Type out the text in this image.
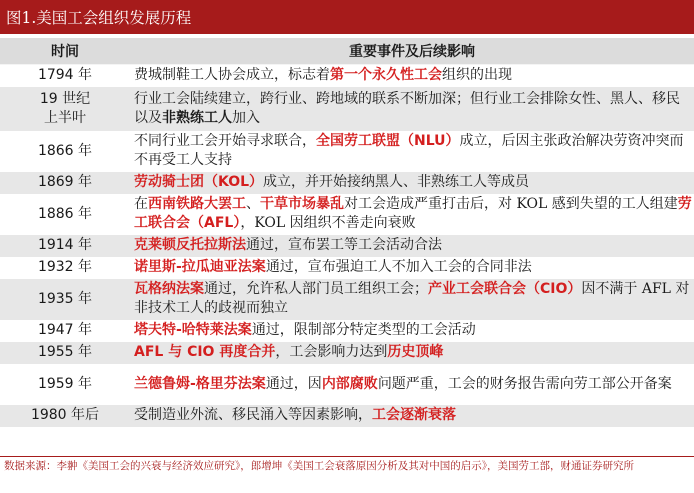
图1.美国工会组织发展历程
时间	重要事件及后续影响
1794 年	费城制鞋工人协会成立，标志着第一个永久性工会组织的出现
19 世纪
上半叶	行业工会陆续建立，跨行业、跨地域的联系不断加深；但行业工会排除女性、黑人、移民以及非熟练工人加入
1866 年	不同行业工会开始寻求联合，全国劳工联盟（NLU）成立，后因主张政治解决劳资冲突而不再受工人支持
1869 年	劳动骑士团（KOL）成立，并开始接纳黑人、非熟练工人等成员
1886 年	在西南铁路大罢工、干草市场暴乱对工会造成严重打击后，对 KOL 感到失望的工人组建劳工联合会（AFL），KOL 因组织不善走向衰败
1914 年	克莱顿反托拉斯法通过，宣布罢工等工会活动合法
1932 年	诺里斯-拉瓜迪亚法案通过，宣布强迫工人不加入工会的合同非法
1935 年	瓦格纳法案通过，允许私人部门员工组织工会；产业工会联合会（CIO）因不满于 AFL 对非技术工人的歧视而独立
1947 年	塔夫特-哈特莱法案通过，限制部分特定类型的工会活动
1955 年	AFL 与 CIO 再度合并，工会影响力达到历史顶峰
1959 年	兰德鲁姆-格里芬法案通过，因内部腐败问题严重，工会的财务报告需向劳工部公开备案
1980 年后	受制造业外流、移民涌入等因素影响，工会逐渐衰落
数据来源：李翀《美国工会的兴衰与经济效应研究》，郎增坤《美国工会衰落原因分析及其对中国的启示》，美国劳工部，财通证券研究所
